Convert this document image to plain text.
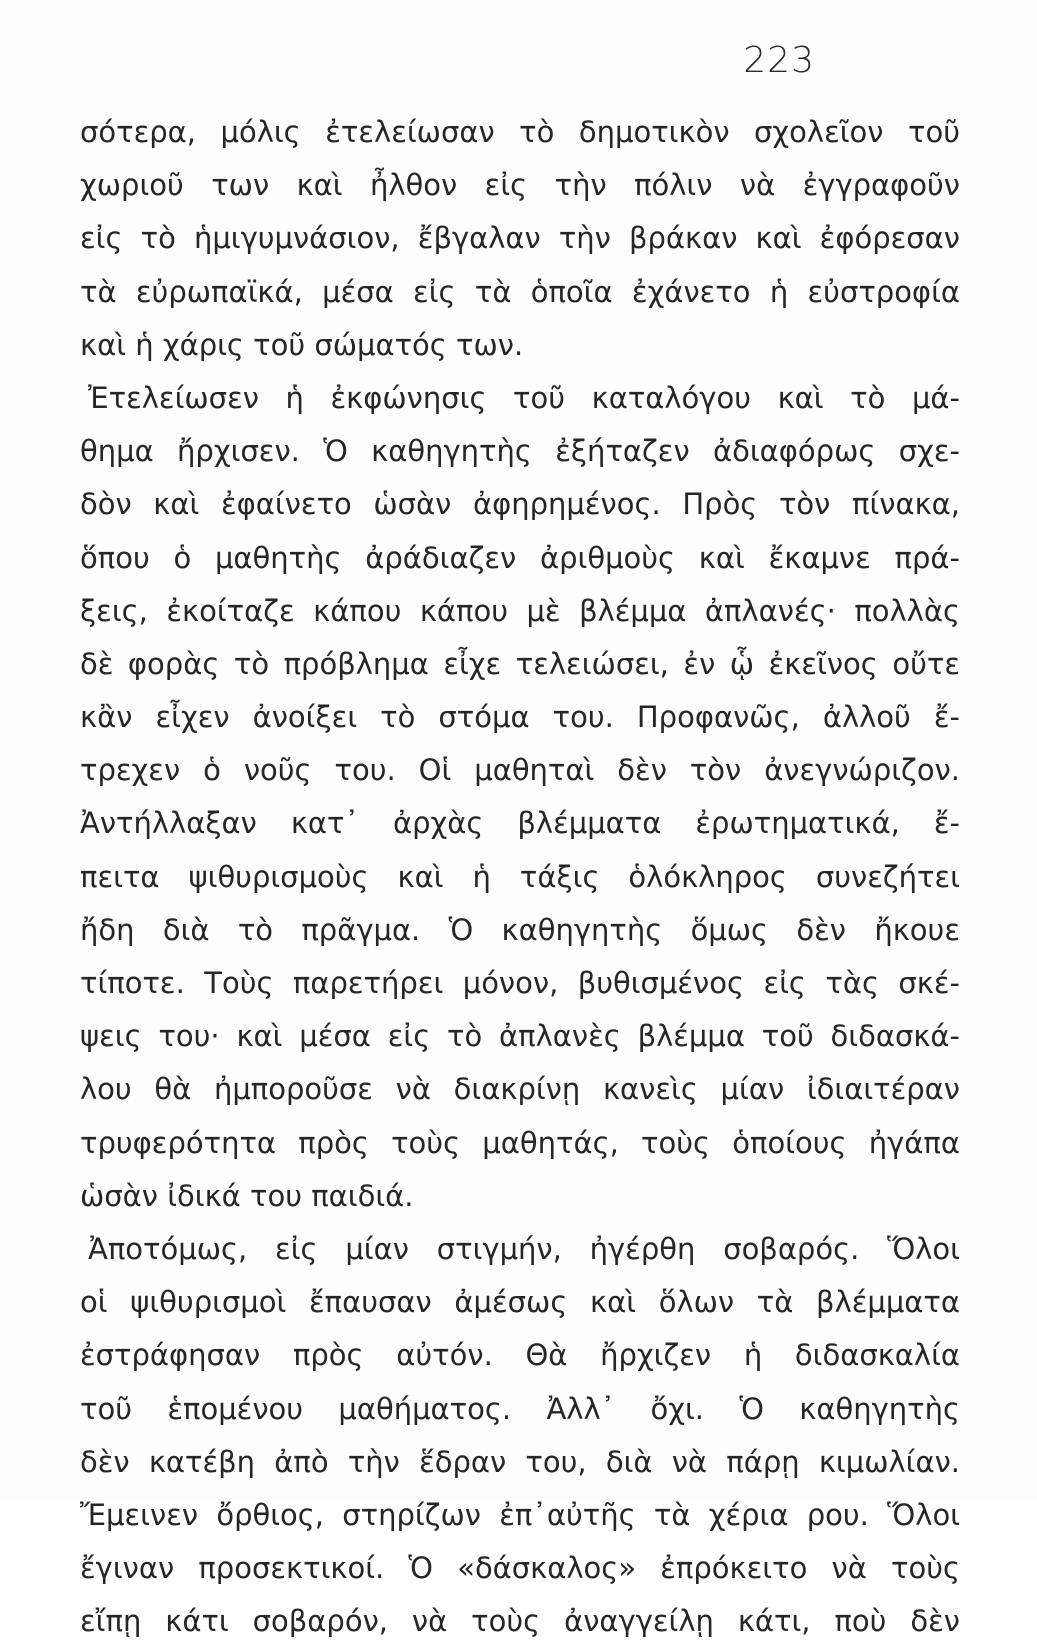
223
σότερα, μόλις ἐτελείωσαν τὸ δημοτικὸν σχολεῖον τοῦ
χωριοῦ των καὶ ἦλθον εἰς τὴν πόλιν νὰ ἐγγραφοῦν
εἰς τὸ ἡμιγυμνάσιον, ἔβγαλαν τὴν βράκαν καὶ ἐφόρεσαν
τὰ εὐρωπαϊκά, μέσα εἰς τὰ ὁποῖα ἐχάνετο ἡ εὐστροφία
καὶ ἡ χάρις τοῦ σώματός των.
Ἐτελείωσεν ἡ ἐκφώνησις τοῦ καταλόγου καὶ τὸ μά-
θημα ἤρχισεν. Ὁ καθηγητὴς ἐξήταζεν ἀδιαφόρως σχε-
δὸν καὶ ἐφαίνετο ὡσὰν ἀφηρημένος. Πρὸς τὸν πίνακα,
ὅπου ὁ μαθητὴς ἀράδιαζεν ἀριθμοὺς καὶ ἔκαμνε πρά-
ξεις, ἐκοίταζε κάπου κάπου μὲ βλέμμα ἀπλανές· πολλὰς
δὲ φορὰς τὸ πρόβλημα εἶχε τελειώσει, ἐν ᾧ ἐκεῖνος οὔτε
κἂν εἶχεν ἀνοίξει τὸ στόμα του. Προφανῶς, ἀλλοῦ ἔ-
τρεχεν ὁ νοῦς του. Οἱ μαθηταὶ δὲν τὸν ἀνεγνώριζον.
Ἀντήλλαξαν κατ᾿ ἀρχὰς βλέμματα ἐρωτηματικά, ἔ-
πειτα ψιθυρισμοὺς καὶ ἡ τάξις ὁλόκληρος συνεζήτει
ἤδη διὰ τὸ πρᾶγμα. Ὁ καθηγητὴς ὅμως δὲν ἤκουε
τίποτε. Τοὺς παρετήρει μόνον, βυθισμένος εἰς τὰς σκέ-
ψεις του· καὶ μέσα εἰς τὸ ἀπλανὲς βλέμμα τοῦ διδασκά-
λου θὰ ἠμποροῦσε νὰ διακρίνῃ κανεὶς μίαν ἰδιαιτέραν
τρυφερότητα πρὸς τοὺς μαθητάς, τοὺς ὁποίους ἠγάπα
ὡσὰν ἰδικά του παιδιά.
Ἀποτόμως, εἰς μίαν στιγμήν, ἠγέρθη σοβαρός. Ὅλοι
οἱ ψιθυρισμοὶ ἔπαυσαν ἀμέσως καὶ ὅλων τὰ βλέμματα
ἐστράφησαν πρὸς αὐτόν. Θὰ ἤρχιζεν ἡ διδασκαλία
τοῦ ἑπομένου μαθήματος. Ἀλλ᾿ ὄχι. Ὁ καθηγητὴς
δὲν κατέβη ἀπὸ τὴν ἕδραν του, διὰ νὰ πάρῃ κιμωλίαν.
Ἔμεινεν ὄρθιος, στηρίζων ἐπ᾿αὐτῆς τὰ χέρια ρου. Ὅλοι
ἔγιναν προσεκτικοί. Ὁ «δάσκαλος» ἐπρόκειτο νὰ τοὺς
εἴπῃ κάτι σοβαρόν, νὰ τοὺς ἀναγγείλῃ κάτι, ποὺ δὲν
